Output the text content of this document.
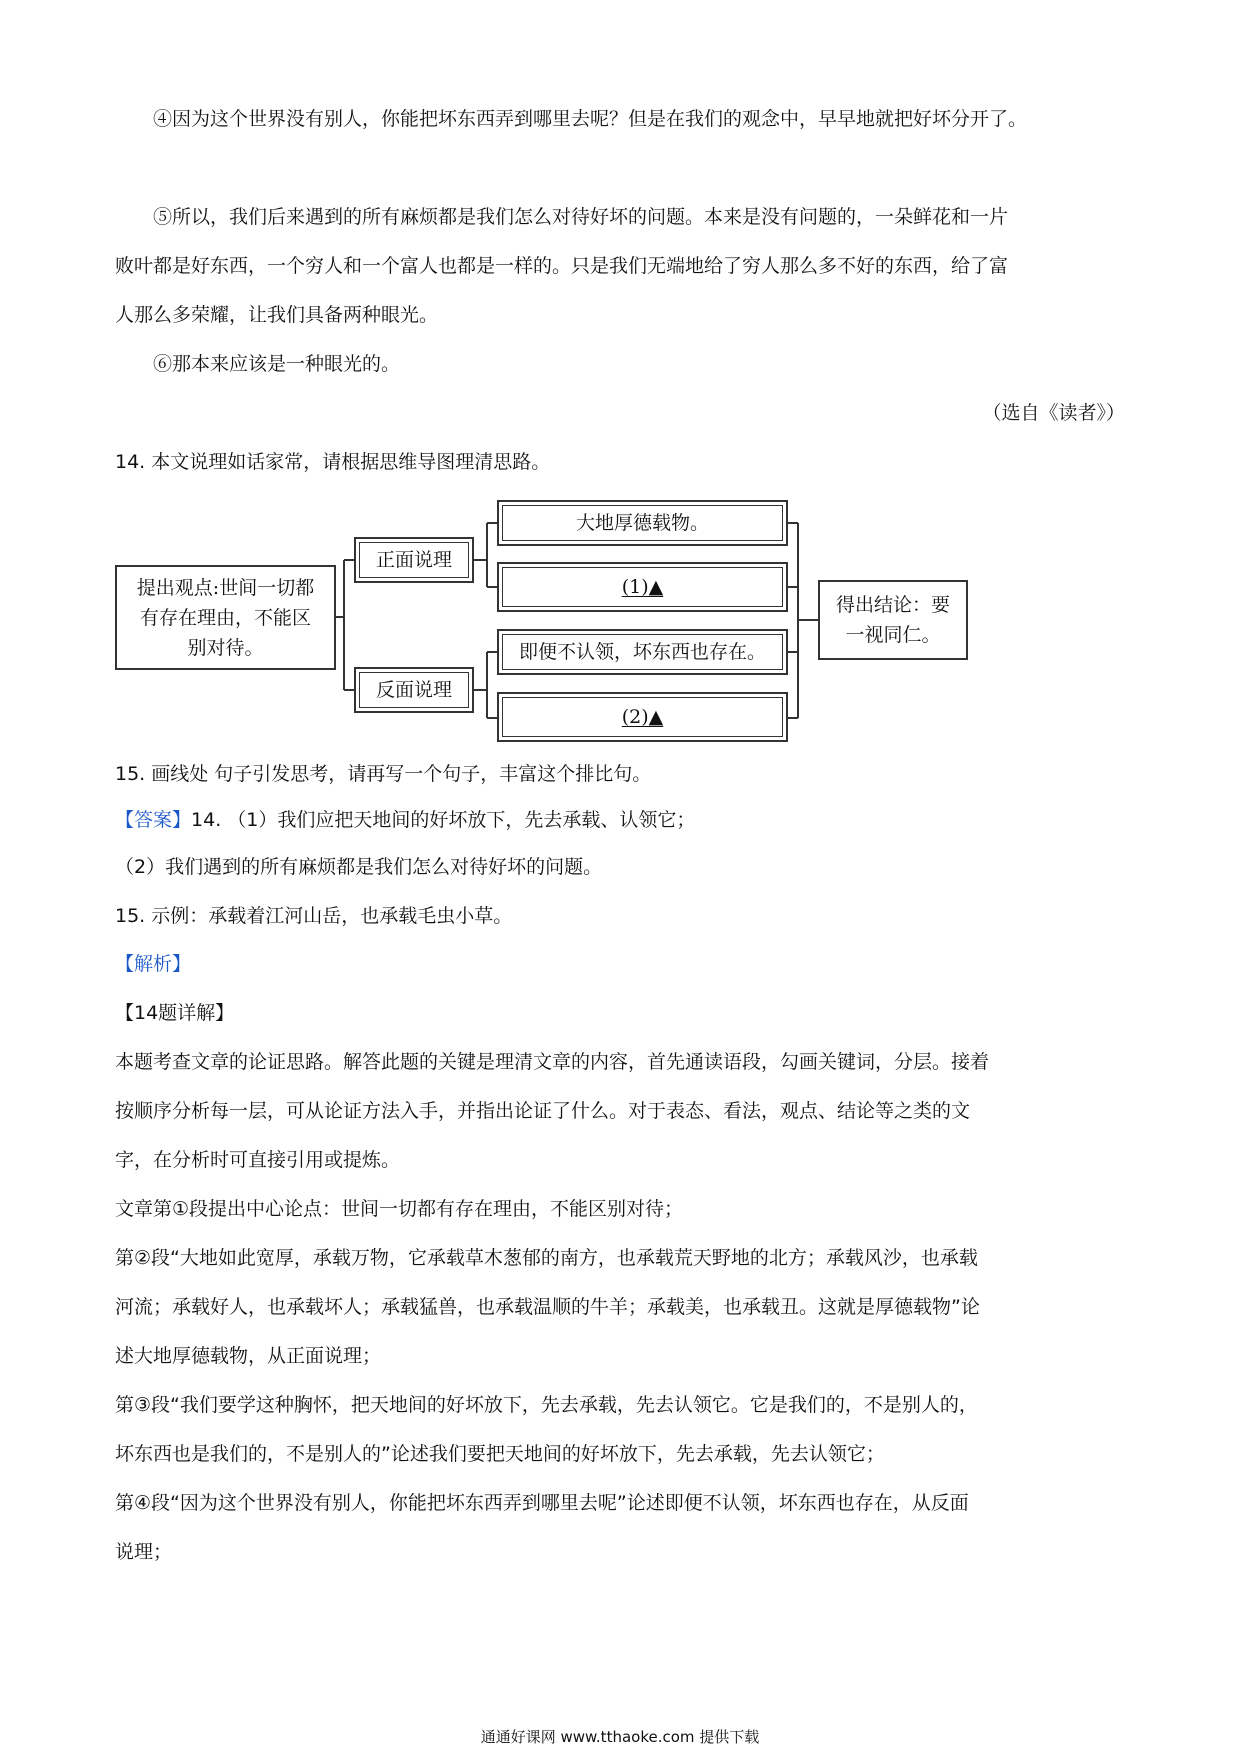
④因为这个世界没有别人，你能把坏东西弄到哪里去呢？但是在我们的观念中，早早地就把好坏分开了。
⑤所以，我们后来遇到的所有麻烦都是我们怎么对待好坏的问题。本来是没有问题的，一朵鲜花和一片
败叶都是好东西，一个穷人和一个富人也都是一样的。只是我们无端地给了穷人那么多不好的东西，给了富
人那么多荣耀，让我们具备两种眼光。
⑥那本来应该是一种眼光的。
（选自《读者》）
14. 本文说理如话家常，请根据思维导图理清思路。
提出观点:世间一切都有存在理由，不能区别对待。
正面说理
反面说理
大地厚德载物。
(1)▲
即便不认领，坏东西也存在。
(2)▲
得出结论：要一视同仁。
15. 画线处 句子引发思考，请再写一个句子，丰富这个排比句。
【答案】14. （1）我们应把天地间的好坏放下，先去承载、认领它；
（2）我们遇到的所有麻烦都是我们怎么对待好坏的问题。
15. 示例：承载着江河山岳，也承载毛虫小草。
【解析】
【14题详解】
本题考查文章的论证思路。解答此题的关键是理清文章的内容，首先通读语段，勾画关键词，分层。接着
按顺序分析每一层，可从论证方法入手，并指出论证了什么。对于表态、看法，观点、结论等之类的文
字，在分析时可直接引用或提炼。
文章第①段提出中心论点：世间一切都有存在理由，不能区别对待；
第②段“大地如此宽厚，承载万物，它承载草木葱郁的南方，也承载荒天野地的北方；承载风沙，也承载
河流；承载好人，也承载坏人；承载猛兽，也承载温顺的牛羊；承载美，也承载丑。这就是厚德载物”论
述大地厚德载物，从正面说理；
第③段“我们要学这种胸怀，把天地间的好坏放下，先去承载，先去认领它。它是我们的，不是别人的，
坏东西也是我们的，不是别人的”论述我们要把天地间的好坏放下，先去承载，先去认领它；
第④段“因为这个世界没有别人，你能把坏东西弄到哪里去呢”论述即便不认领，坏东西也存在，从反面
说理；
通通好课网 www.tthaoke.com 提供下载
